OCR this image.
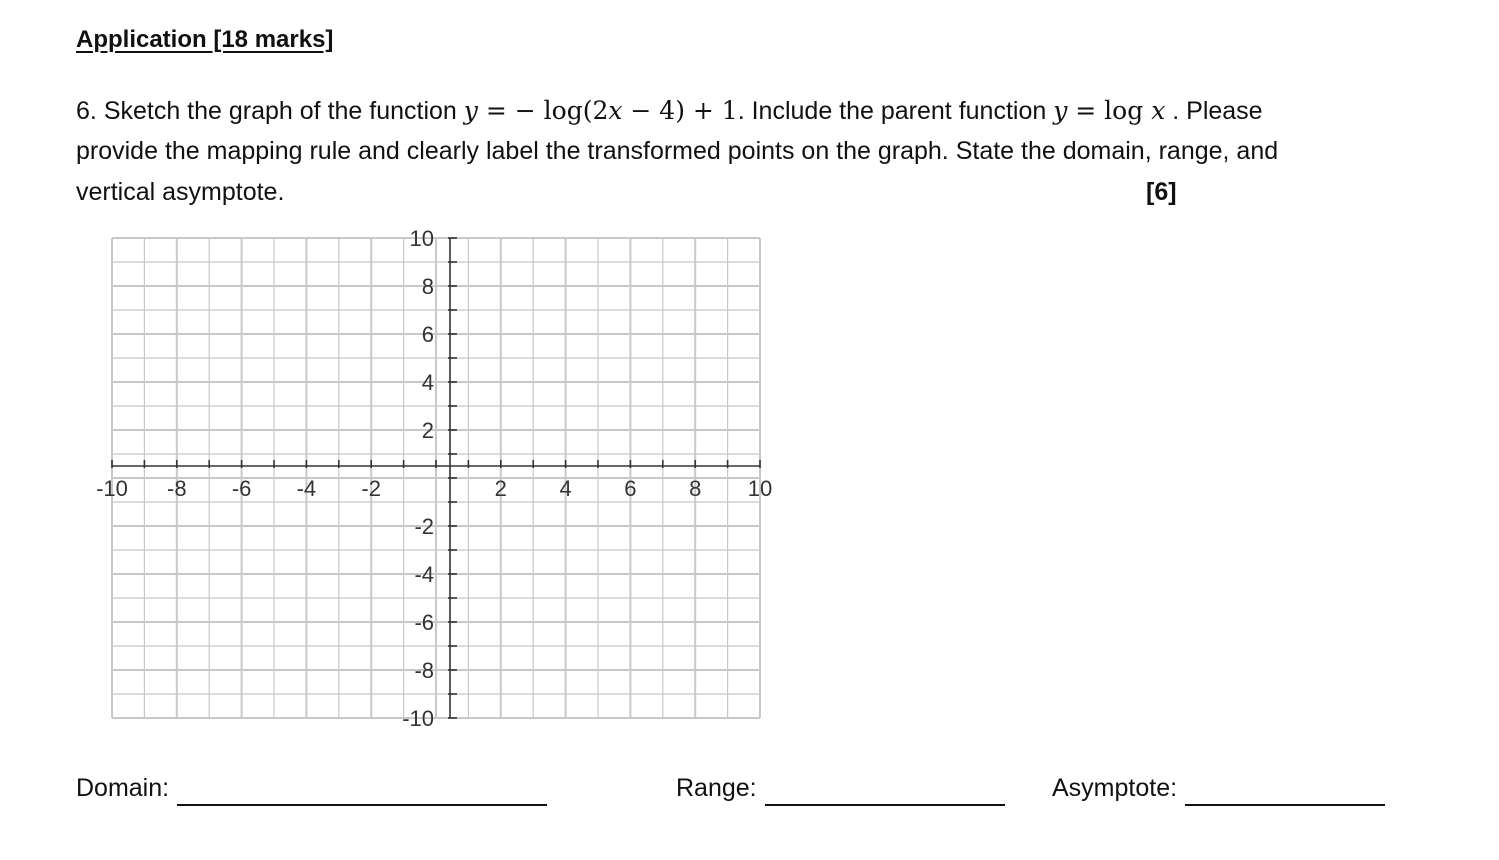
Application [18 marks]
6. Sketch the graph of the function y = − log(2x − 4) + 1. Include the parent function y = log x . Please
provide the mapping rule and clearly label the transformed points on the graph. State the domain, range, and
vertical asymptote.	[6]
-10 -8 -6 -4 -2	2 4 6 8 10
10
8
6
4
2
-2
-4
-6
-8
-10
Domain:	Range:	Asymptote:
